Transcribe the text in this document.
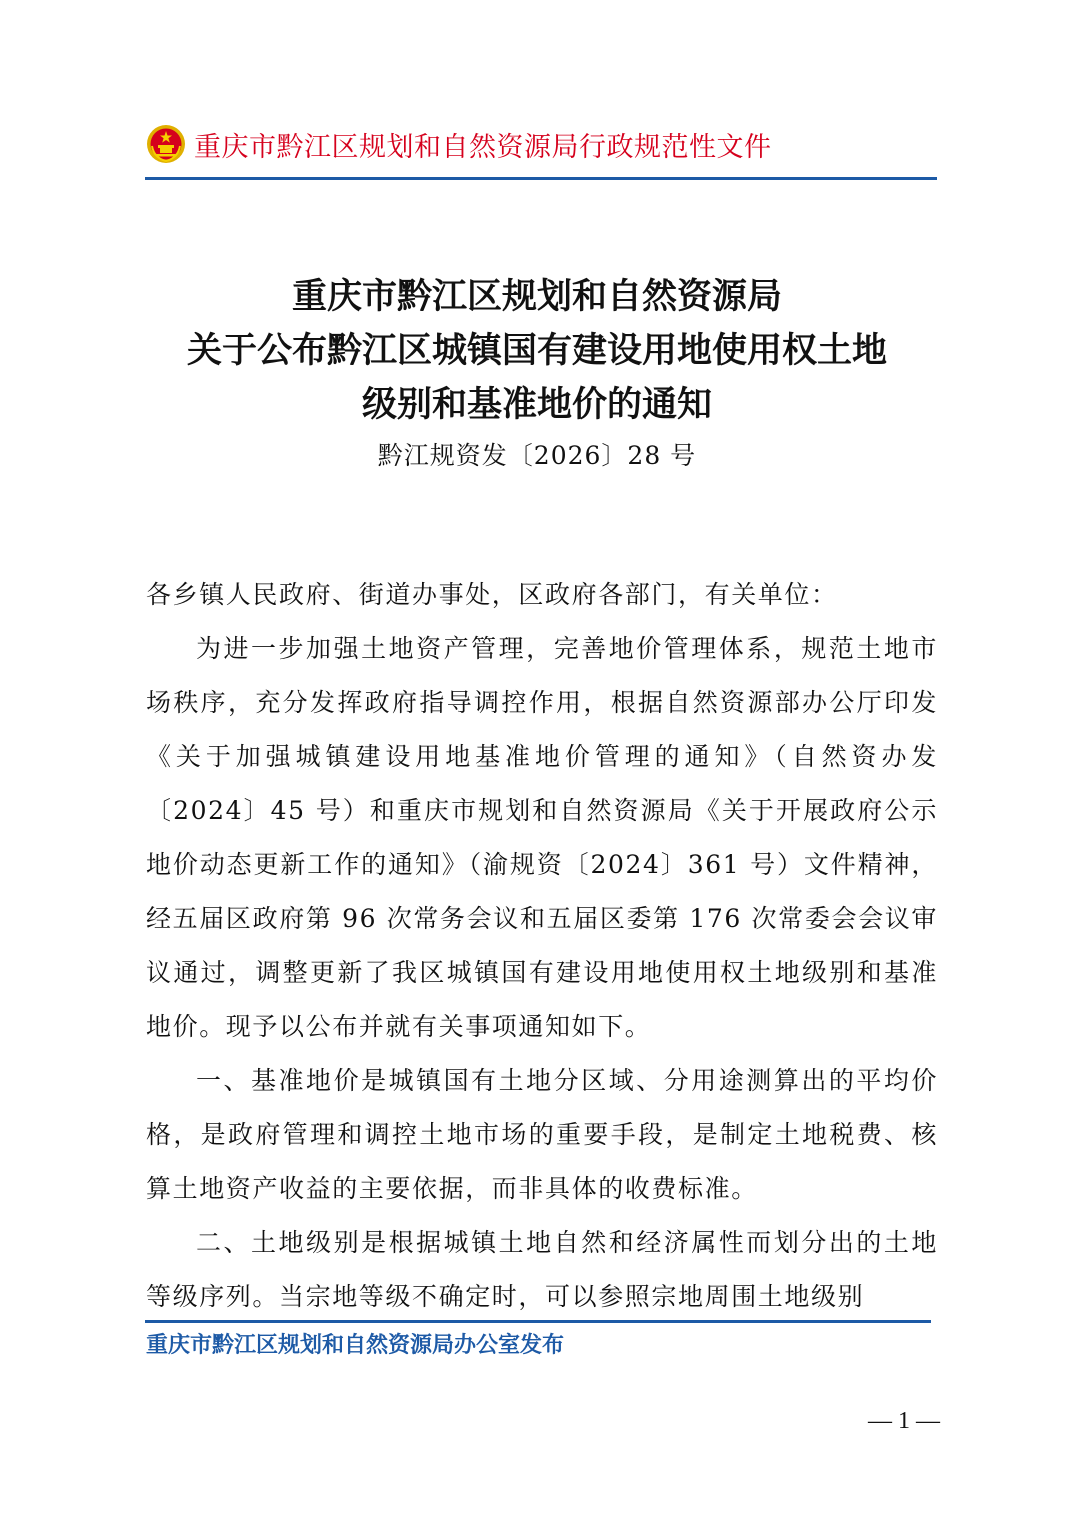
重庆市黔江区规划和自然资源局行政规范性文件
重庆市黔江区规划和自然资源局
关于公布黔江区城镇国有建设用地使用权土地
级别和基准地价的通知
黔江规资发〔2026〕28 号

各乡镇人民政府、街道办事处，区政府各部门，有关单位：

为进一步加强土地资产管理，完善地价管理体系，规范土地市场秩序，充分发挥政府指导调控作用，根据自然资源部办公厅印发《关于加强城镇建设用地基准地价管理的通知》（自然资办发〔2024〕45 号）和重庆市规划和自然资源局《关于开展政府公示地价动态更新工作的通知》（渝规资〔2024〕361 号）文件精神，经五届区政府第 96 次常务会议和五届区委第 176 次常委会会议审议通过，调整更新了我区城镇国有建设用地使用权土地级别和基准地价。现予以公布并就有关事项通知如下。

一、基准地价是城镇国有土地分区域、分用途测算出的平均价格，是政府管理和调控土地市场的重要手段，是制定土地税费、核算土地资产收益的主要依据，而非具体的收费标准。

二、土地级别是根据城镇土地自然和经济属性而划分出的土地等级序列。当宗地等级不确定时，可以参照宗地周围土地级别

重庆市黔江区规划和自然资源局办公室发布
— 1 —
